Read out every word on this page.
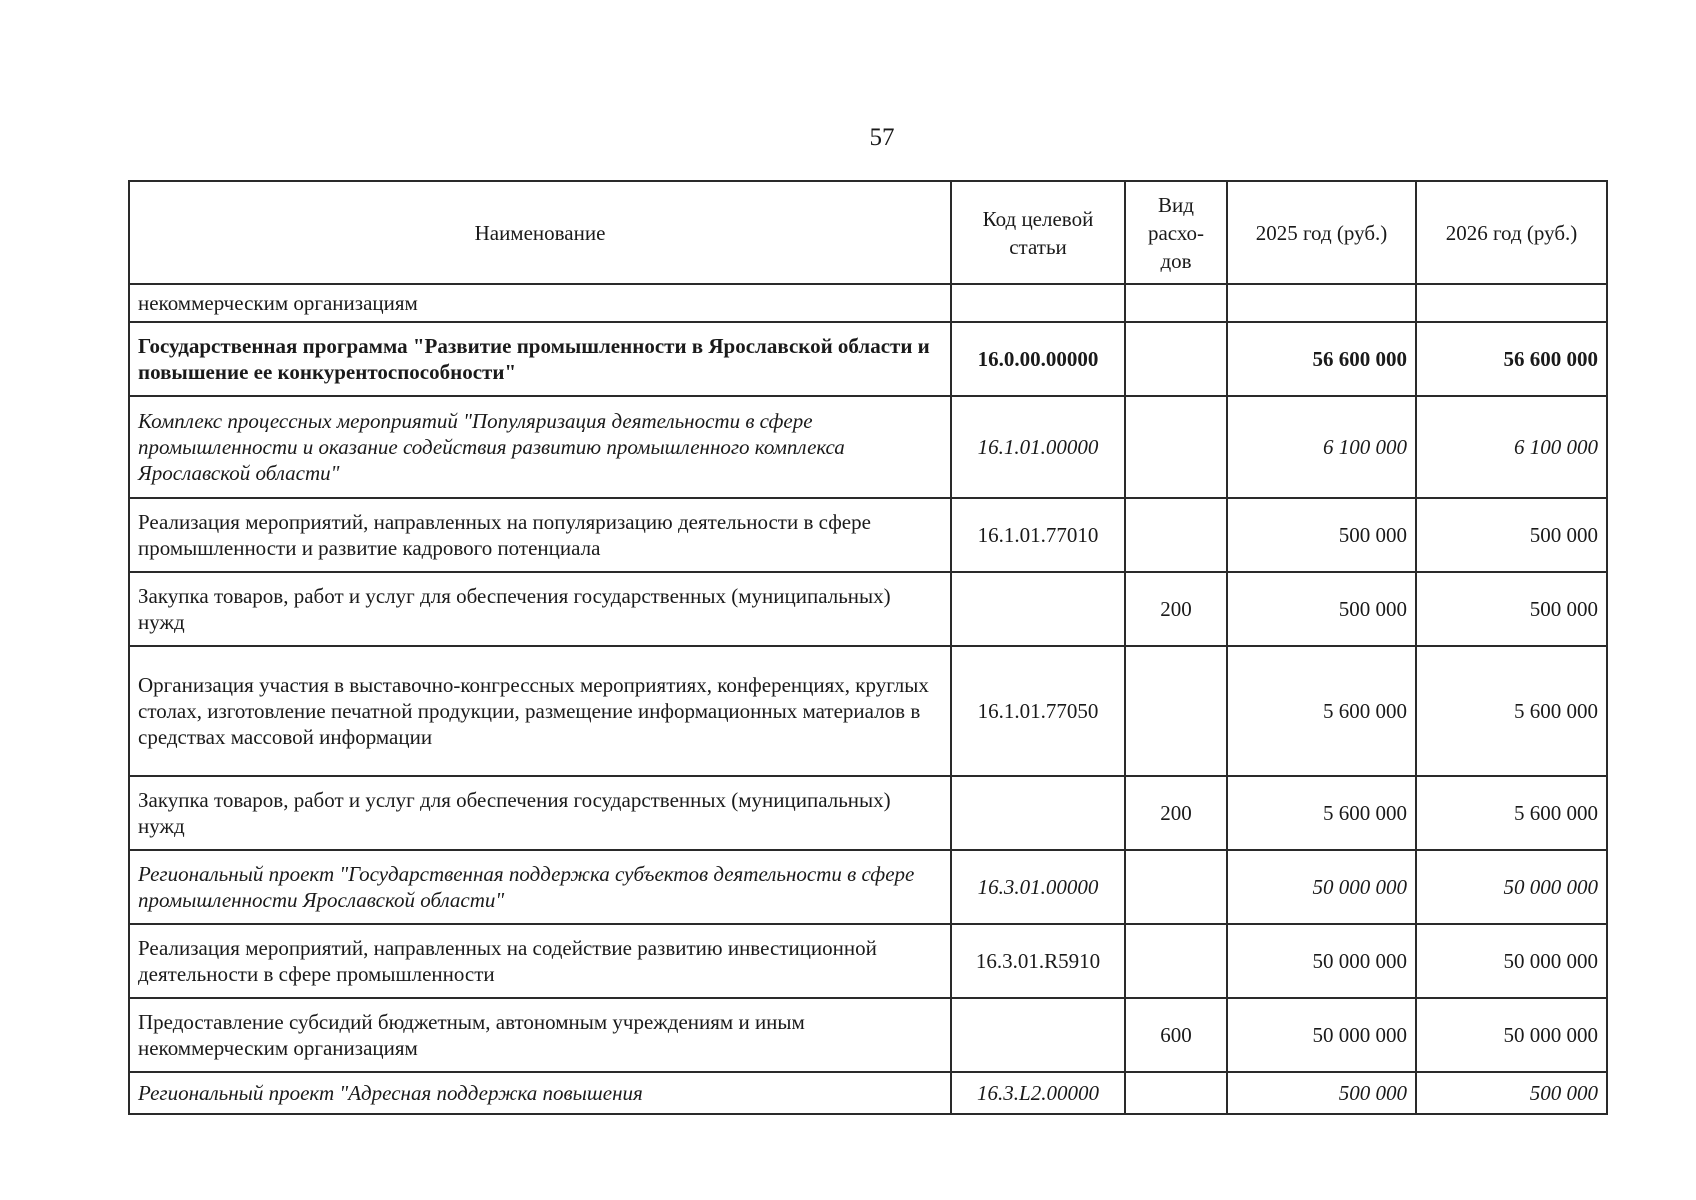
57
Наименование	Код целевой статьи	Вид расхо-дов	2025 год (руб.)	2026 год (руб.)
некоммерческим организациям				
Государственная программа "Развитие промышленности в Ярославской области и повышение ее конкурентоспособности"	16.0.00.00000		56 600 000	56 600 000
Комплекс процессных мероприятий "Популяризация деятельности в сфере промышленности и оказание содействия развитию промышленного комплекса Ярославской области"	16.1.01.00000		6 100 000	6 100 000
Реализация мероприятий, направленных на популяризацию деятельности в сфере промышленности и развитие кадрового потенциала	16.1.01.77010		500 000	500 000
Закупка товаров, работ и услуг для обеспечения государственных (муниципальных) нужд		200	500 000	500 000
Организация участия в выставочно-конгрессных мероприятиях, конференциях, круглых столах, изготовление печатной продукции, размещение информационных материалов в средствах массовой информации	16.1.01.77050		5 600 000	5 600 000
Закупка товаров, работ и услуг для обеспечения государственных (муниципальных) нужд		200	5 600 000	5 600 000
Региональный проект "Государственная поддержка субъектов деятельности в сфере промышленности Ярославской области"	16.3.01.00000		50 000 000	50 000 000
Реализация мероприятий, направленных на содействие развитию инвестиционной деятельности в сфере промышленности	16.3.01.R5910		50 000 000	50 000 000
Предоставление субсидий бюджетным, автономным учреждениям и иным некоммерческим организациям		600	50 000 000	50 000 000
Региональный проект "Адресная поддержка повышения	16.3.L2.00000		500 000	500 000
